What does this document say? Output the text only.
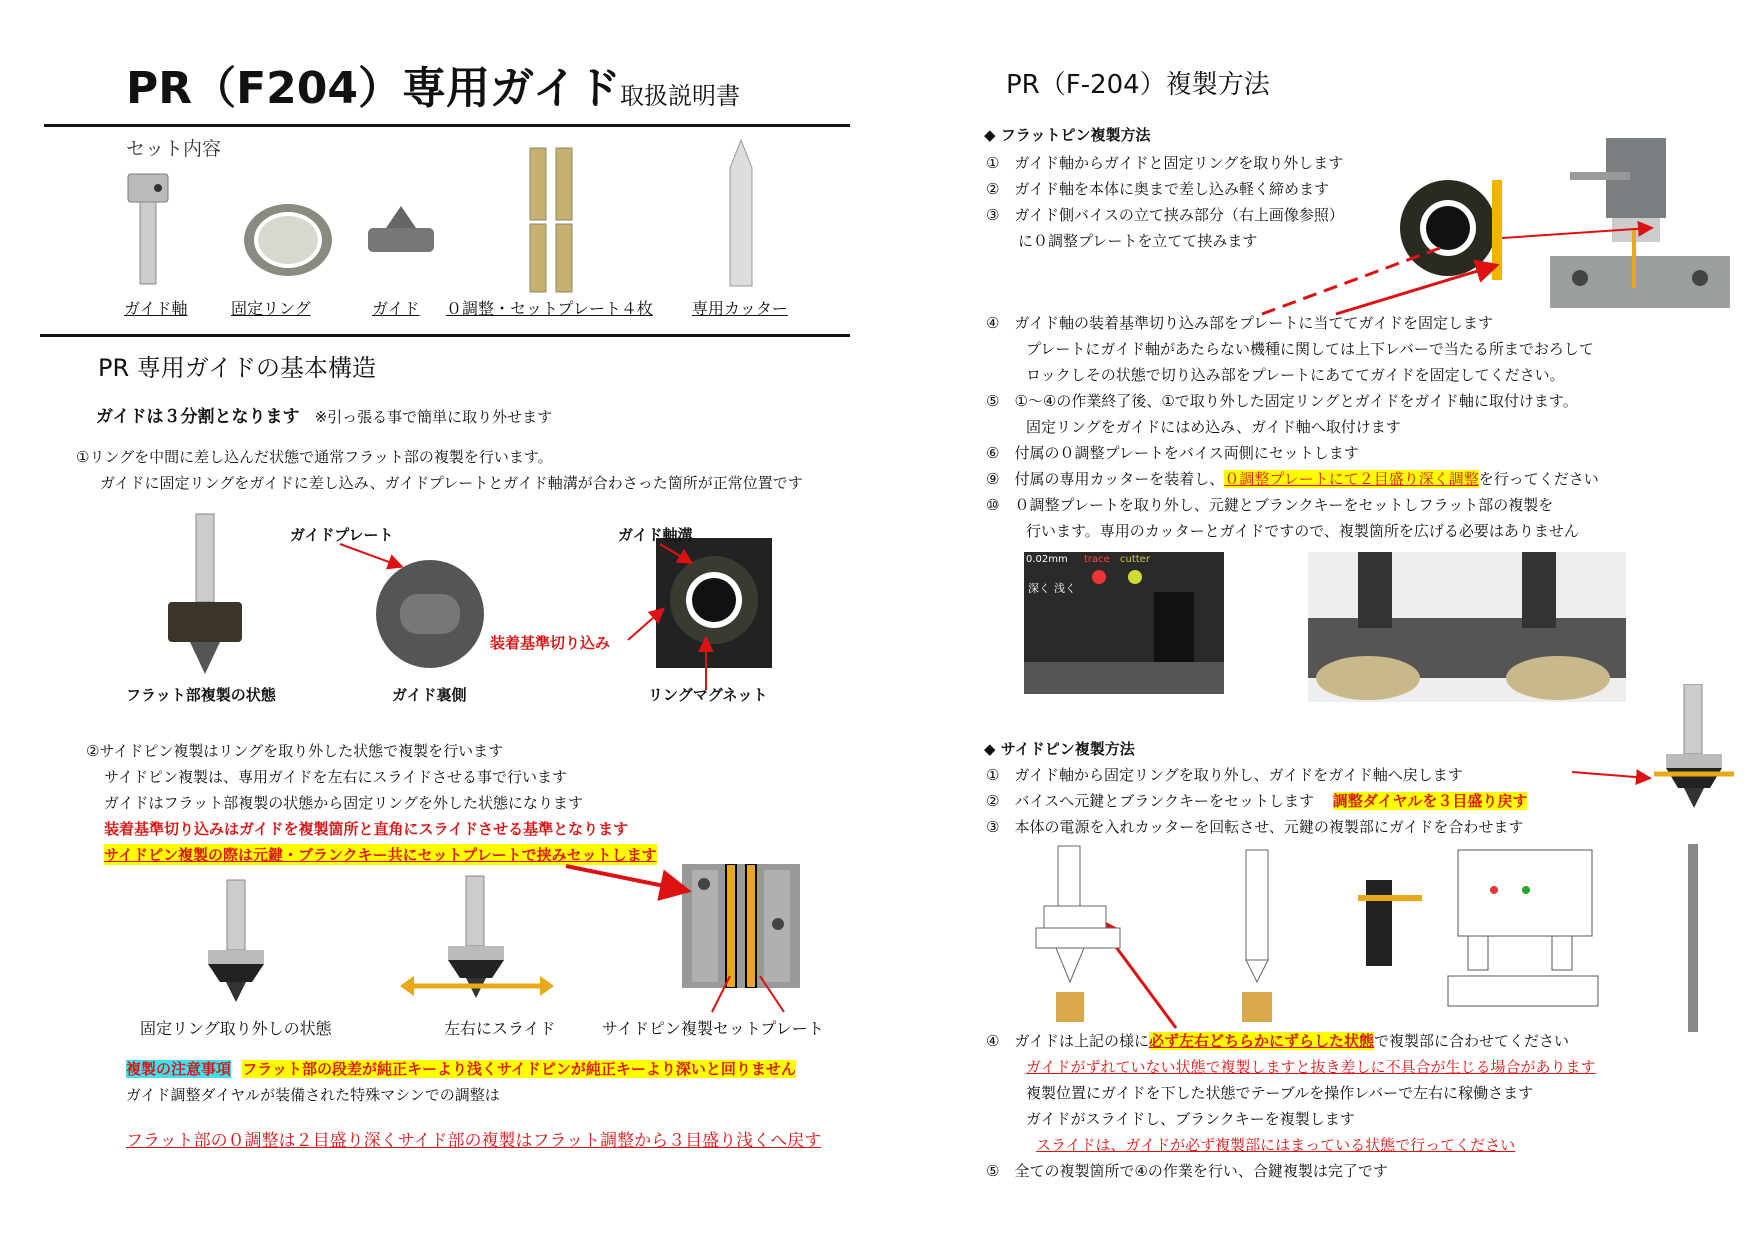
PR（F204）専用ガイド 取扱説明書
セット内容
ガイド軸	固定リング	ガイド ０調整・セットプレート４枚 専用カッター
PR 専用ガイドの基本構造
ガイドは３分割となります ※引っ張る事で簡単に取り外せます
①リングを中間に差し込んだ状態で通常フラット部の複製を行います。
ガイドに固定リングをガイドに差し込み、ガイドプレートとガイド軸溝が合わさった箇所が正常位置です
ガイドプレート	ガイド軸溝
装着基準切り込み
フラット部複製の状態	ガイド裏側	リングマグネット
②サイドピン複製はリングを取り外した状態で複製を行います
サイドピン複製は、専用ガイドを左右にスライドさせる事で行います
ガイドはフラット部複製の状態から固定リングを外した状態になります
装着基準切り込みはガイドを複製箇所と直角にスライドさせる基準となります
サイドピン複製の際は元鍵・ブランクキー共にセットプレートで挟みセットします
固定リング取り外しの状態	左右にスライド	サイドピン複製セットプレート
複製の注意事項 フラット部の段差が純正キーより浅くサイドピンが純正キーより深いと回りません
ガイド調整ダイヤルが装備された特殊マシンでの調整は
フラット部の０調整は２目盛り深くサイド部の複製はフラット調整から３目盛り浅くへ戻す
PR（F-204）複製方法
◆ フラットピン複製方法
①　ガイド軸からガイドと固定リングを取り外します
②　ガイド軸を本体に奥まで差し込み軽く締めます
③　ガイド側バイスの立て挟み部分（右上画像参照）
に０調整プレートを立てて挟みます
④　ガイド軸の装着基準切り込み部をプレートに当ててガイドを固定します
プレートにガイド軸があたらない機種に関しては上下レバーで当たる所までおろして
ロックしその状態で切り込み部をプレートにあててガイドを固定してください。
⑤　①～④の作業終了後、①で取り外した固定リングとガイドをガイド軸に取付けます。
固定リングをガイドにはめ込み、ガイド軸へ取付けます
⑥　付属の０調整プレートをバイス両側にセットします
⑨　付属の専用カッターを装着し、０調整プレートにて２目盛り深く調整を行ってください
⑩　０調整プレートを取り外し、元鍵とブランクキーをセットしフラット部の複製を
行います。専用のカッターとガイドですので、複製箇所を広げる必要はありません
0.02mm trace cutter
深く 浅く
◆ サイドピン複製方法
①　ガイド軸から固定リングを取り外し、ガイドをガイド軸へ戻します
②　バイスへ元鍵とブランクキーをセットします 調整ダイヤルを３目盛り戻す
③　本体の電源を入れカッターを回転させ、元鍵の複製部にガイドを合わせます
④　ガイドは上記の様に必ず左右どちらかにずらした状態で複製部に合わせてください
ガイドがずれていない状態で複製しますと抜き差しに不具合が生じる場合があります
複製位置にガイドを下した状態でテーブルを操作レバーで左右に稼働さます
ガイドがスライドし、ブランクキーを複製します
スライドは、ガイドが必ず複製部にはまっている状態で行ってください
⑤　全ての複製箇所で④の作業を行い、合鍵複製は完了です
